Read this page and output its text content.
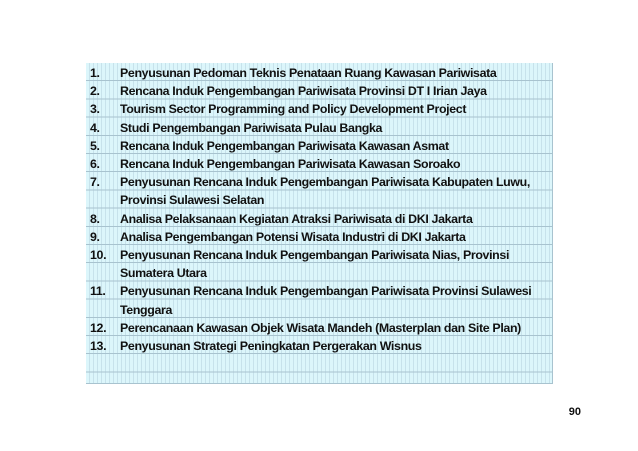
1.	Penyusunan Pedoman Teknis Penataan Ruang Kawasan Pariwisata
2.	Rencana Induk Pengembangan Pariwisata Provinsi DT I Irian Jaya
3.	Tourism Sector Programming and Policy Development Project
4.	Studi Pengembangan Pariwisata Pulau Bangka
5.	Rencana Induk Pengembangan Pariwisata Kawasan Asmat
6.	Rencana Induk Pengembangan Pariwisata Kawasan Soroako
7.	Penyusunan Rencana Induk Pengembangan Pariwisata Kabupaten Luwu,
Provinsi Sulawesi Selatan
8.	Analisa Pelaksanaan Kegiatan Atraksi Pariwisata di DKI Jakarta
9.	Analisa Pengembangan Potensi Wisata Industri di DKI Jakarta
10.	Penyusunan Rencana Induk Pengembangan Pariwisata Nias, Provinsi
Sumatera Utara
11.	Penyusunan Rencana Induk Pengembangan Pariwisata Provinsi Sulawesi
Tenggara
12.	Perencanaan Kawasan Objek Wisata Mandeh (Masterplan dan Site Plan)
13.	Penyusunan Strategi Peningkatan Pergerakan Wisnus
90
